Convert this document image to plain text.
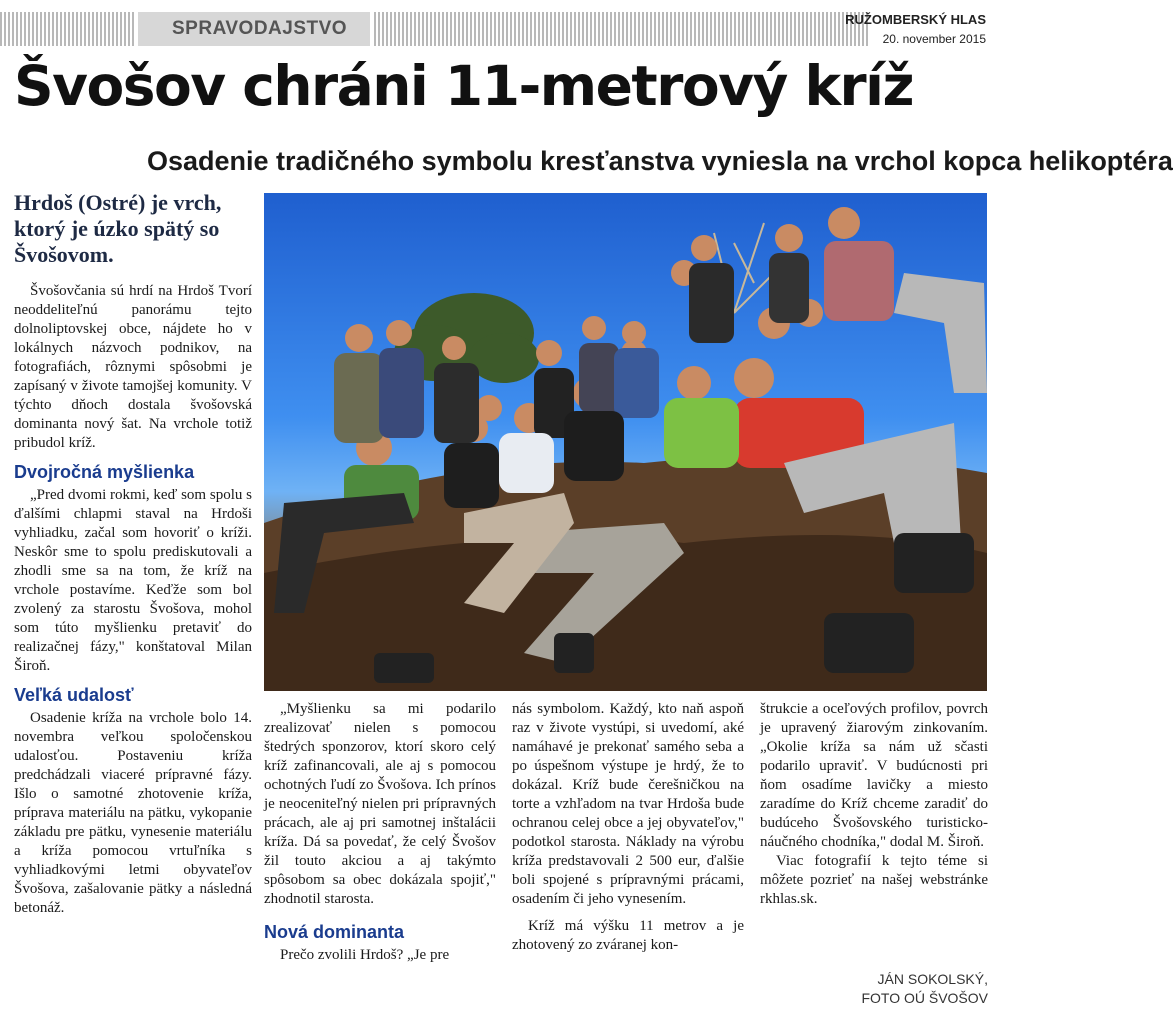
SPRAVODAJSTVO	RUŽOMBERSKÝ HLAS
20. november 2015
Švošov chráni 11-metrový kríž
Osadenie tradičného symbolu kresťanstva vyniesla na vrchol kopca helikoptéra

Hrdoš (Ostré) je vrch, ktorý je úzko spätý so Švošovom.

Švošovčania sú hrdí na Hrdoš Tvorí neoddeliteľnú panorámu tejto dolnoliptovskej obce, nájdete ho v lokálnych názvoch podnikov, na fotografiách, rôznymi spôsobmi je zapísaný v živote tamojšej komunity. V týchto dňoch dostala švošovská dominanta nový šat. Na vrchole totiž pribudol kríž.

Dvojročná myšlienka

„Pred dvomi rokmi, keď som spolu s ďalšími chlapmi staval na Hrdoši vyhliadku, začal som hovoriť o kríži. Neskôr sme to spolu prediskutovali a zhodli sme sa na tom, že kríž na vrchole postavíme. Keďže som bol zvolený za starostu Švošova, mohol som túto myšlienku pretaviť do realizačnej fázy," konštatoval Milan Široň.

Veľká udalosť

Osadenie kríža na vrchole bolo 14. novembra veľkou spoločenskou udalosťou. Postaveniu kríža predchádzali viaceré prípravné fázy. Išlo o samotné zhotovenie kríža, príprava materiálu na pätku, vykopanie základu pre pätku, vynesenie materiálu a kríža pomocou vrtuľníka s vyhliadkovými letmi obyvateľov Švošova, zašalovanie pätky a následná betonáž.

„Myšlienku sa mi podarilo zrealizovať nielen s pomocou štedrých sponzorov, ktorí skoro celý kríž zafinancovali, ale aj s pomocou ochotných ľudí zo Švošova. Ich prínos je neoceniteľný nielen pri prípravných prácach, ale aj pri samotnej inštalácii kríža. Dá sa povedať, že celý Švošov žil touto akciou a aj takýmto spôsobom sa obec dokázala spojiť," zhodnotil starosta.

Nová dominanta

Prečo zvolili Hrdoš? „Je pre

nás symbolom. Každý, kto naň aspoň raz v živote vystúpi, si uvedomí, aké namáhavé je prekonať samého seba a po úspešnom výstupe je hrdý, že to dokázal. Kríž bude čerešničkou na torte a vzhľadom na tvar Hrdoša bude ochranou celej obce a jej obyvateľov," podotkol starosta. Náklady na výrobu kríža predstavovali 2 500 eur, ďalšie boli spojené s prípravnými prácami, osadením či jeho vynesením.

Kríž má výšku 11 metrov a je zhotovený zo zváranej kon-

štrukcie a oceľových profilov, povrch je upravený žiarovým zinkovaním. „Okolie kríža sa nám už sčasti podarilo upraviť. V budúcnosti pri ňom osadíme lavičky a miesto zaradíme do Kríž chceme zaradiť do budúceho Švošovského turisticko-náučného chodníka," dodal M. Široň.

Viac fotografií k tejto téme si môžete pozrieť na našej webstránke rkhlas.sk.

JÁN SOKOLSKÝ,
FOTO OÚ ŠVOŠOV
